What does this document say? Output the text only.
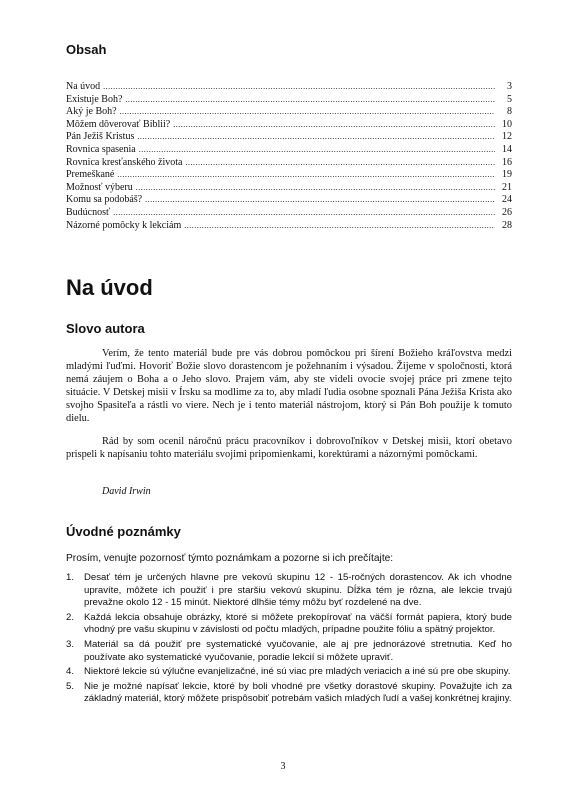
Obsah
Na úvod .....	3
Existuje Boh? .....	5
Aký je Boh? .....	8
Môžem dôverovať Biblii? .....	10
Pán Ježiš Kristus .....	12
Rovnica spasenia .....	14
Rovnica kresťanského života .....	16
Premeškané .....	19
Možnosť výberu .....	21
Komu sa podobáš? .....	24
Budúcnosť .....	26
Názorné pomôcky k lekciám .....	28
Na úvod
Slovo autora

Verím, že tento materiál bude pre vás dobrou pomôckou pri šírení Božieho kráľovstva medzi mladými ľuďmi. Hovoriť Božie slovo dorastencom je požehnaním i výsadou. Žijeme v spoločnosti, ktorá nemá záujem o Boha a o Jeho slovo. Prajem vám, aby ste videli ovocie svojej práce pri zmene tejto situácie. V Detskej misii v Írsku sa modlime za to, aby mladí ľudia osobne spoznali Pána Ježiša Krista ako svojho Spasiteľa a rástli vo viere. Nech je i tento materiál nástrojom, ktorý si Pán Boh použije k tomuto dielu.

Rád by som ocenil náročnú prácu pracovníkov i dobrovoľníkov v Detskej misii, ktorí obetavo prispeli k napísaniu tohto materiálu svojimi pripomienkami, korektúrami a názornými pomôckami.

David Irwin

Úvodné poznámky

Prosím, venujte pozornosť týmto poznámkam a pozorne si ich prečítajte:

1.	Desať tém je určených hlavne pre vekovú skupinu 12 - 15-ročných dorastencov. Ak ich vhodne upravíte, môžete ich použiť i pre staršiu vekovú skupinu. Dĺžka tém je rôzna, ale lekcie trvajú prevažne okolo 12 - 15 minút. Niektoré dlhšie témy môžu byť rozdelené na dve.
2.	Každá lekcia obsahuje obrázky, ktoré si môžete prekopírovať na väčší formát papiera, ktorý bude vhodný pre vašu skupinu v závislosti od počtu mladých, prípadne použite fóliu a spätný projektor.
3.	Materiál sa dá použiť pre systematické vyučovanie, ale aj pre jednorázové stretnutia. Keď ho používate ako systematické vyučovanie, poradie lekcií si môžete upraviť.
4.	Niektoré lekcie sú výlučne evanjelizačné, iné sú viac pre mladých veriacich a iné sú pre obe skupiny.
5.	Nie je možné napísať lekcie, ktoré by boli vhodné pre všetky dorastové skupiny. Považujte ich za základný materiál, ktorý môžete prispôsobiť potrebám vašich mladých ľudí a vašej konkrétnej krajiny.
3
